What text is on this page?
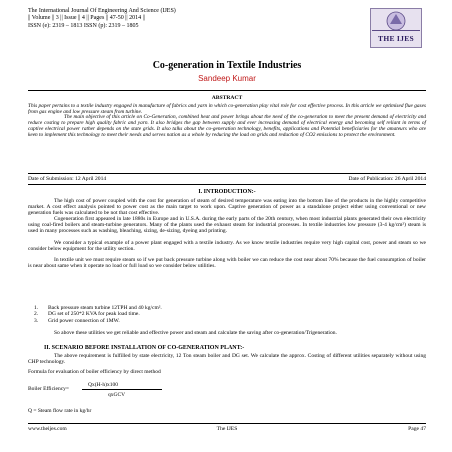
The International Journal Of Engineering And Science (IJES)
|| Volume || 3 || Issue || 4 || Pages || 47-50 || 2014 ||
ISSN (e): 2319 – 1813 ISSN (p): 2319 – 1805
THE IJES
Co-generation in Textile Industries
Sandeep Kumar
ABSTRACT

This paper pertains to a textile industry engaged in manufacture of fabrics and yarn in which co-generation play vital role for cost effective process. In this article we optimised flue gases from gas engine and low pressure steam from turbine.

The main objective of this article on Co-Generation, combined heat and power brings about the need of the co-generation to meet the present demand of electricity and reduce costing to prepare high quality fabric and yarn. It also bridges the gap between supply and ever increasing demand of electrical energy and becoming self reliant in terms of captive electrical power rather depends on the state grids. It also talks about the co-generation technology, benefits, applications and Potential beneficiaries for the amateurs who are keen to implement this technology to meet their needs and serves nation as a whole by reducing the load on grids and reduction of CO2 emissions to protect the environment.

Date of Submission: 12 April 2014	Date of Publication: 26 April 2014
I. INTRODUCTION:-

The high cost of power coupled with the cost for generation of steam of desired temperature was eating into the bottom line of the products in the highly competitive market. A cost effect analysis pointed to power cost as the main target to work upon. Captive generation of power as a standalone project either using conventional or new generation fuels was calculated to be not that cost effective.

Cogeneration first appeared in late 1880s in Europe and in U.S.A. during the early parts of the 20th century, when most industrial plants generated their own electricity using coal-fired boilers and steam-turbine generators. Many of the plants used the exhaust steam for industrial processes. In textile industries low pressure (3-4 kg/cm²) steam is used in many processes such as washing, bleaching, sizing, de-sizing, dyeing and printing.

We consider a typical example of a power plant engaged with a textile industry. As we know textile industries require very high capital cost, power and steam so we consider below equipment for the utility section.

In textile unit we must require steam so if we put back pressure turbine along with boiler we can reduce the cost near about 70% because the fuel consumption of boiler is near about same when it operate no load or full load so we consider below utilities.

1. Back pressure steam turbine 12TPH and 40 kg/cm².
2. DG set of 250*2 KVA for peak load time.
3. Grid power connection of 1MW.

So above these utilities we get reliable and effective power and steam and calculate the saving after co-generation/Trigeneration.

II. SCENARIO BEFORE INSTALLATION OF CO-GENERATION PLANT:-

The above requirement is fulfilled by state electricity, 12 Ton steam boiler and DG set. We calculate the approx. Costing of different utilities separately without using CHP technology.

Formula for evaluation of boiler efficiency by direct method

Boiler Efficiency=
Qx(H-h)x100
qxGCV

Q = Steam flow rate in kg/hr

www.theijes.com	The IJES	Page 47
